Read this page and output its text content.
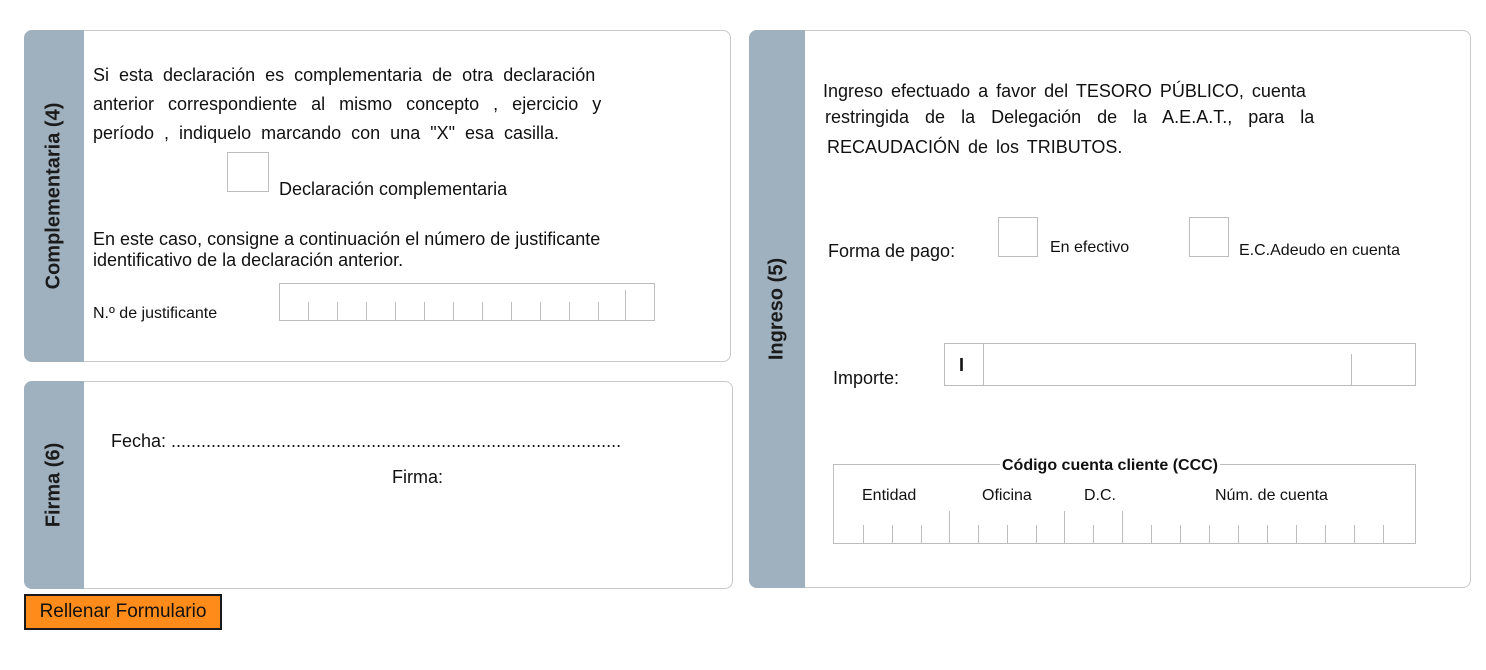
Complementaria (4)
Si esta declaración es complementaria de otra declaración
anterior correspondiente al mismo concepto , ejercicio y
período , indiquelo marcando con una "X" esa casilla.
Declaración complementaria
En este caso, consigne a continuación el número de justificante
identificativo de la declaración anterior.
N.º de justificante
Firma (6)
Fecha: ..........................................................................................
Firma:
Ingreso (5)
Ingreso efectuado a favor del TESORO PÚBLICO, cuenta
restringida de la Delegación de la A.E.A.T., para la
RECAUDACIÓN de los TRIBUTOS.
Forma de pago:	En efectivo	E.C.Adeudo en cuenta
Importe:
I
Código cuenta cliente (CCC)
Entidad	Oficina	D.C.	Núm. de cuenta
Rellenar Formulario
